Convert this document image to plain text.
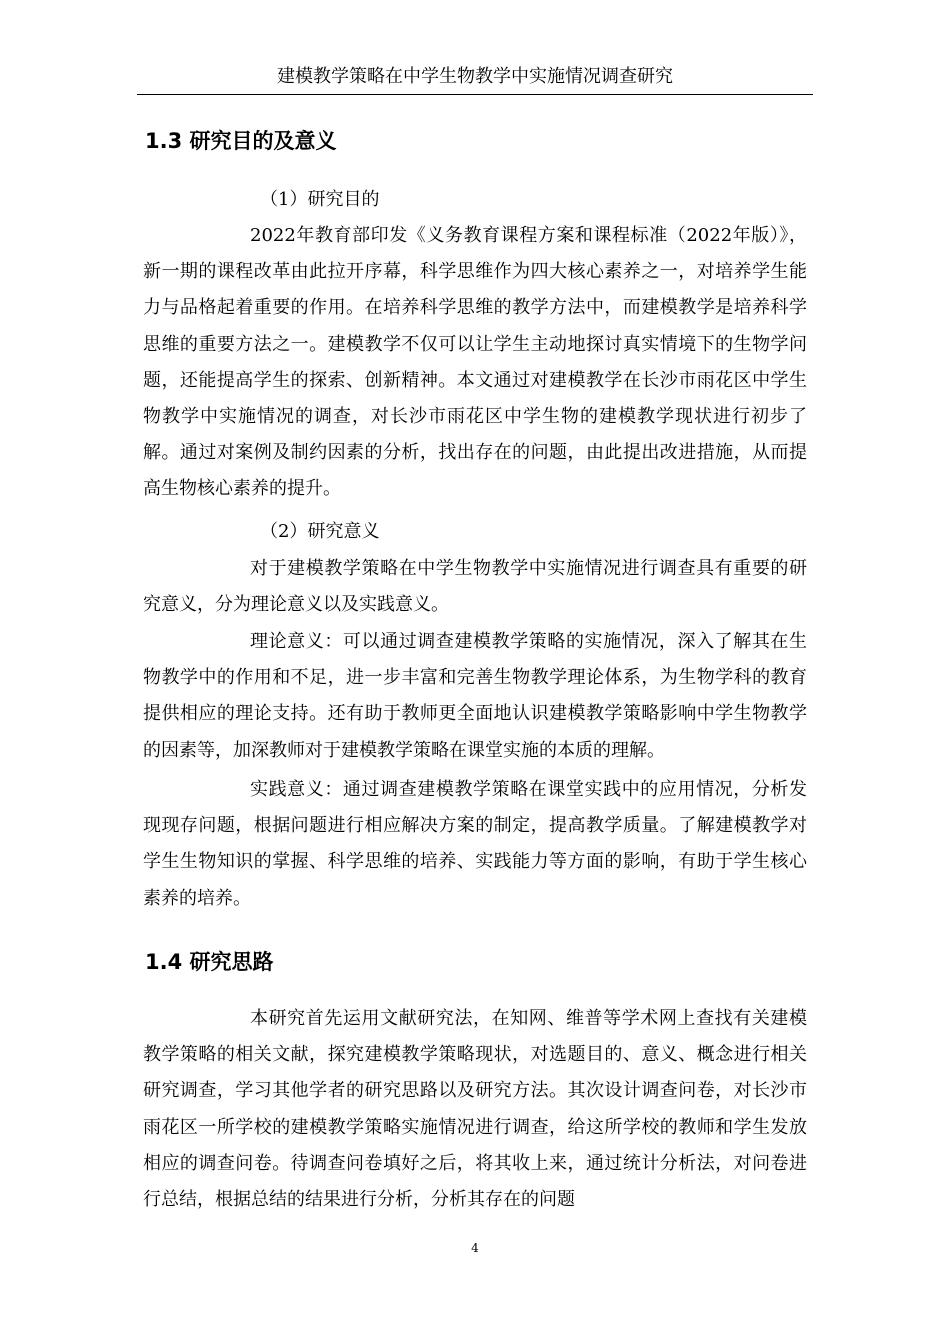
建模教学策略在中学生物教学中实施情况调查研究
1.3 研究目的及意义
（1）研究目的

2022年教育部印发《义务教育课程方案和课程标准（2022年版）》，新一期的课程改革由此拉开序幕，科学思维作为四大核心素养之一，对培养学生能力与品格起着重要的作用。在培养科学思维的教学方法中，而建模教学是培养科学思维的重要方法之一。建模教学不仅可以让学生主动地探讨真实情境下的生物学问题，还能提高学生的探索、创新精神。本文通过对建模教学在长沙市雨花区中学生物教学中实施情况的调查，对长沙市雨花区中学生物的建模教学现状进行初步了解。通过对案例及制约因素的分析，找出存在的问题，由此提出改进措施，从而提高生物核心素养的提升。

（2）研究意义

对于建模教学策略在中学生物教学中实施情况进行调查具有重要的研究意义，分为理论意义以及实践意义。

理论意义：可以通过调查建模教学策略的实施情况，深入了解其在生物教学中的作用和不足，进一步丰富和完善生物教学理论体系，为生物学科的教育提供相应的理论支持。还有助于教师更全面地认识建模教学策略影响中学生物教学的因素等，加深教师对于建模教学策略在课堂实施的本质的理解。

实践意义：通过调查建模教学策略在课堂实践中的应用情况，分析发现现存问题，根据问题进行相应解决方案的制定，提高教学质量。了解建模教学对学生生物知识的掌握、科学思维的培养、实践能力等方面的影响，有助于学生核心素养的培养。

1.4 研究思路

本研究首先运用文献研究法，在知网、维普等学术网上查找有关建模教学策略的相关文献，探究建模教学策略现状，对选题目的、意义、概念进行相关研究调查，学习其他学者的研究思路以及研究方法。其次设计调查问卷，对长沙市雨花区一所学校的建模教学策略实施情况进行调查，给这所学校的教师和学生发放相应的调查问卷。待调查问卷填好之后，将其收上来，通过统计分析法，对问卷进行总结，根据总结的结果进行分析，分析其存在的问题

4
